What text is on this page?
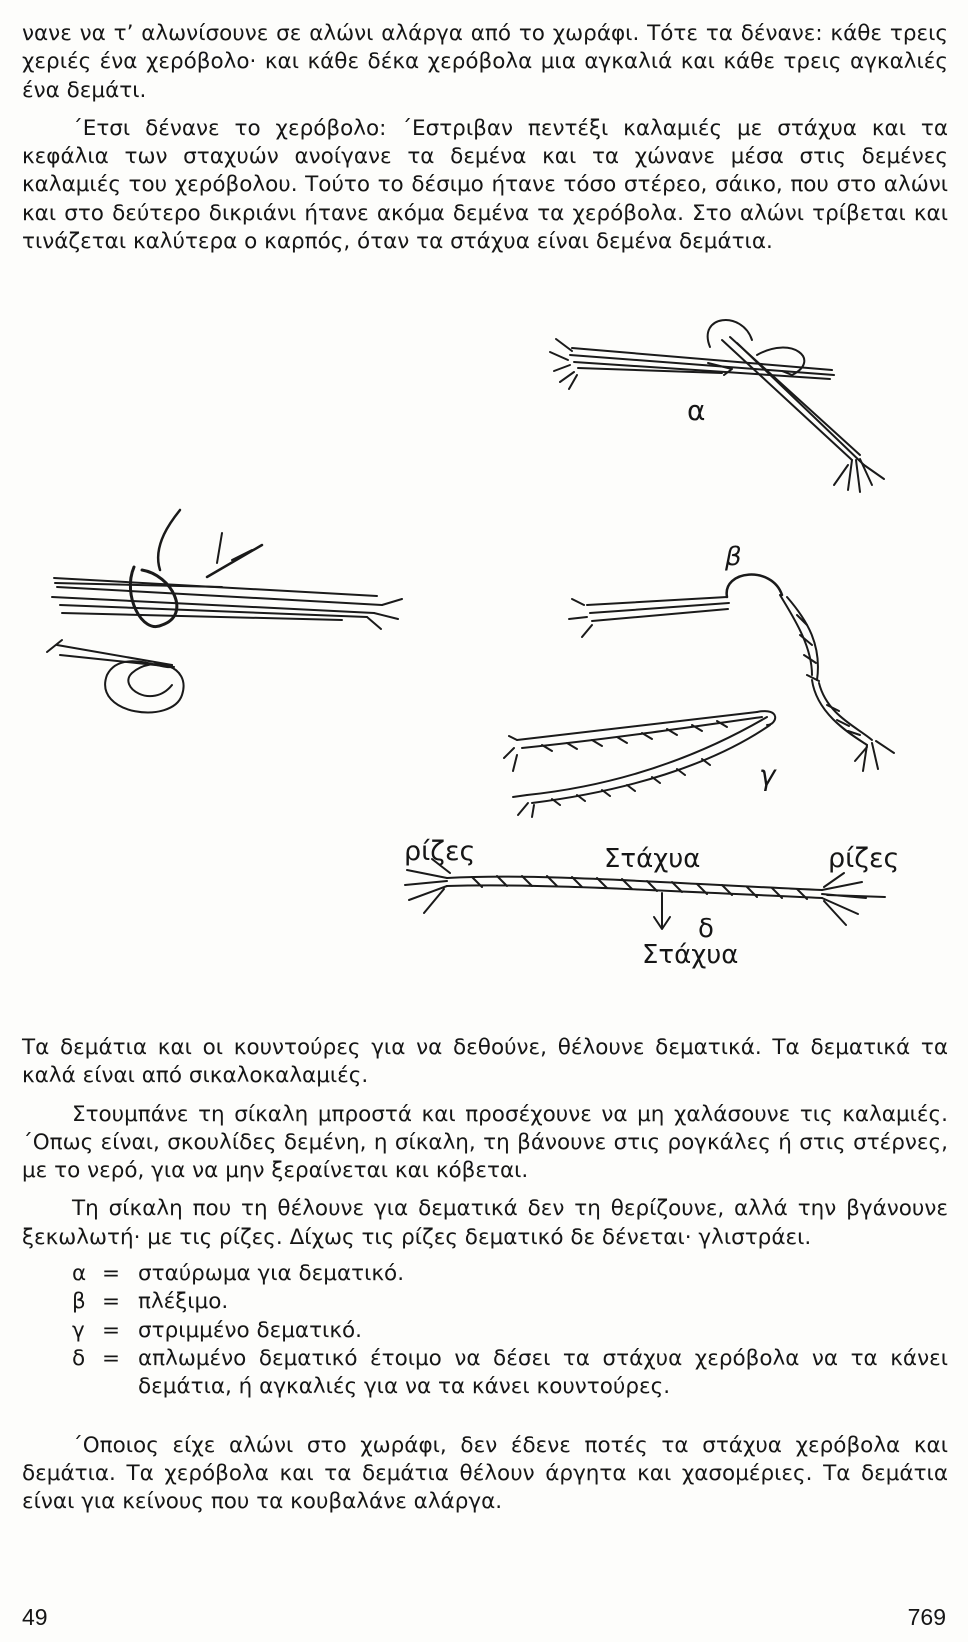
νανε να τ’ αλωνίσουνε σε αλώνι αλάργα από το χωράφι. Τότε τα δένανε: κάθε τρεις χεριές ένα χερόβολο· και κάθε δέκα χερόβολα μια αγκαλιά και κάθε τρεις αγκαλιές ένα δεμάτι.

΄Ετσι δένανε το χερόβολο: ΄Εστριβαν πεντέξι καλαμιές με στάχυα και τα κεφάλια των σταχυών ανοίγανε τα δεμένα και τα χώνανε μέσα στις δεμένες καλαμιές του χερόβολου. Τούτο το δέσιμο ήτανε τόσο στέρεο, σάικο, που στο αλώνι και στο δεύτερο δικριάνι ήτανε ακόμα δεμένα τα χερόβολα. Στο αλώνι τρίβεται και τινάζεται καλύτερα ο καρπός, όταν τα στάχυα είναι δεμένα δεμάτια.

α
β
γ
ρίζες	Στάχυα	ρίζες
δ
Στάχυα

Τα δεμάτια και οι κουντούρες για να δεθούνε, θέλουνε δεματικά. Τα δεματικά τα καλά είναι από σικαλοκαλαμιές.

Στουμπάνε τη σίκαλη μπροστά και προσέχουνε να μη χαλάσουνε τις καλαμιές. ΄Οπως είναι, σκουλίδες δεμένη, η σίκαλη, τη βάνουνε στις ρογκάλες ή στις στέρνες, με το νερό, για να μην ξεραίνεται και κόβεται.

Τη σίκαλη που τη θέλουνε για δεματικά δεν τη θερίζουνε, αλλά την βγάνουνε ξεκωλωτή· με τις ρίζες. Δίχως τις ρίζες δεματικό δε δένεται· γλιστράει.

α = σταύρωμα για δεματικό.
β = πλέξιμο.
γ = στριμμένο δεματικό.
δ = απλωμένο δεματικό έτοιμο να δέσει τα στάχυα χερόβολα να τα κάνει δεμάτια, ή αγκαλιές για να τα κάνει κουντούρες.

΄Οποιος είχε αλώνι στο χωράφι, δεν έδενε ποτές τα στάχυα χερόβολα και δεμάτια. Τα χερόβολα και τα δεμάτια θέλουν άργητα και χασομέριες. Τα δεμάτια είναι για κείνους που τα κουβαλάνε αλάργα.

49	769
